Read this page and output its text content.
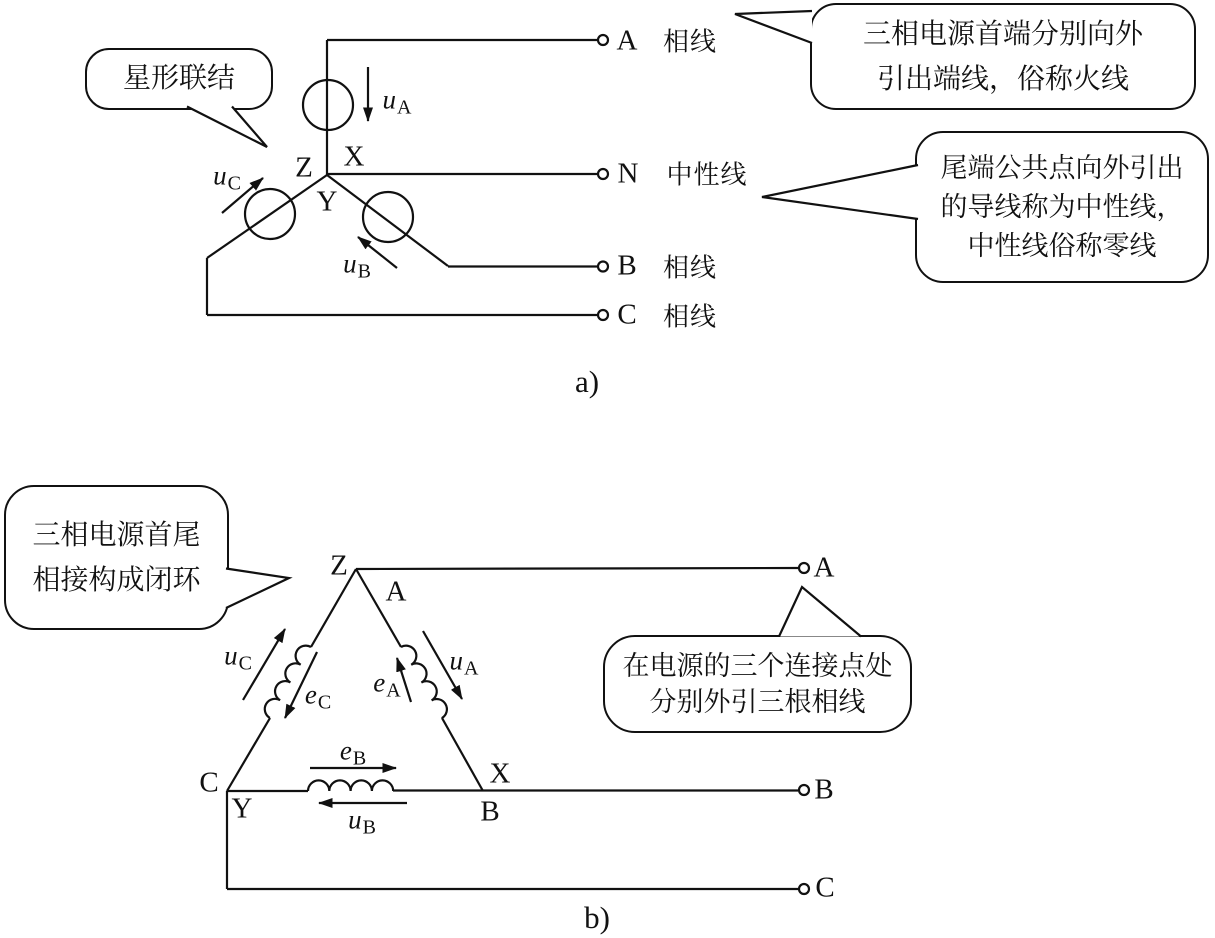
星形联结
三相电源首端分别向外
引出端线，俗称火线
尾端公共点向外引出
的导线称为中性线，
中性线俗称零线
三相电源首尾
相接构成闭环
在电源的三个连接点处
分别外引三根相线
A 相线
N 中性线
B 相线
C 相线
X
Z
Y
$u_A$
$u_C$
$u_B$
a)
Z
A
C
Y
X
B
A
B
C
$u_C$
$e_C$
$e_A$
$u_A$
$e_B$
$u_B$
b)
